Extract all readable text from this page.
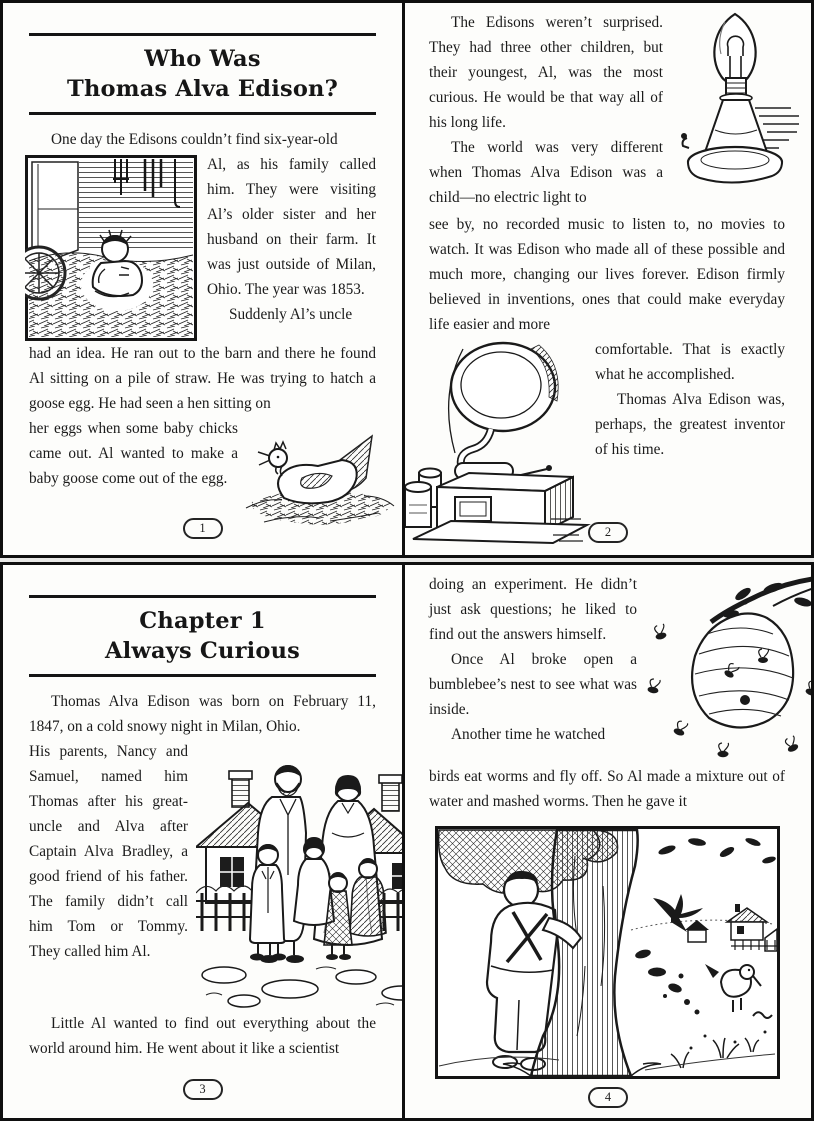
Who Was
Thomas Alva Edison?

One day the Edisons couldn’t find six-year-old

Al, as his family called him. They were visiting Al’s older sister and her husband on their farm. It was just outside of Milan, Ohio. The year was 1853.

Suddenly Al’s uncle

had an idea. He ran out to the barn and there he found Al sitting on a pile of straw. He was trying to hatch a goose egg. He had seen a hen sitting on

her eggs when some baby chicks came out. Al wanted to make a baby goose come out of the egg.

1

The Edisons weren’t surprised. They had three other children, but their youngest, Al, was the most curious. He would be that way all of his long life.

The world was very different when Thomas Alva Edison was a child—no electric light to

see by, no recorded music to listen to, no movies to watch. It was Edison who made all of these possible and much more, changing our lives forever. Edison firmly believed in inventions, ones that could make everyday life easier and more

comfortable. That is exactly what he accomplished.

Thomas Alva Edison was, perhaps, the greatest inventor of his time.

2
Chapter 1
Always Curious

Thomas Alva Edison was born on February 11, 1847, on a cold snowy night in Milan, Ohio.

His parents, Nancy and Samuel, named him Thomas after his great-uncle and Alva after Captain Alva Bradley, a good friend of his father. The family didn’t call him Tom or Tommy. They called him Al.

Little Al wanted to find out everything about the world around him. He went about it like a scientist

3

doing an experiment. He didn’t just ask questions; he liked to find out the answers himself.

Once Al broke open a bumblebee’s nest to see what was inside.

Another time he watched

birds eat worms and fly off. So Al made a mixture out of water and mashed worms. Then he gave it

4
